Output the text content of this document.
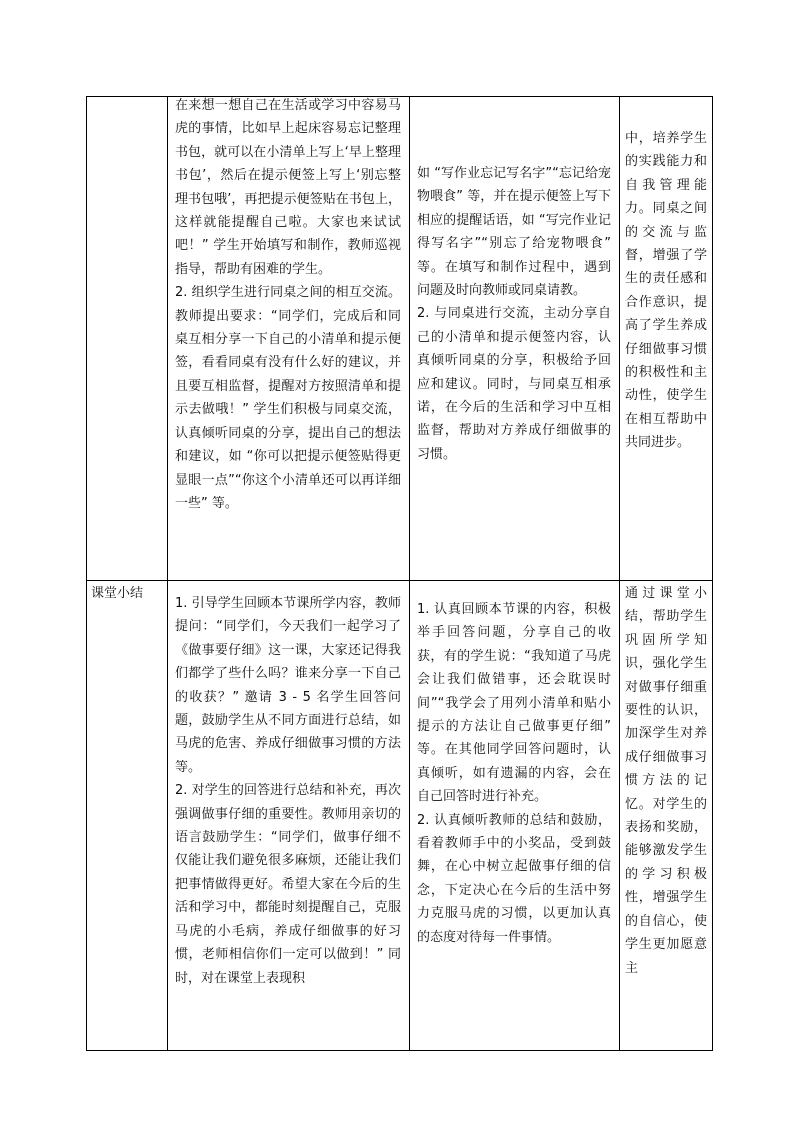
在来想一想自己在生活或学习中容易马虎的事情，比如早上起床容易忘记整理书包，就可以在小清单上写上‘早上整理书包’，然后在提示便签上写上‘别忘整理书包哦’，再把提示便签贴在书包上，这样就能提醒自己啦。大家也来试试吧！” 学生开始填写和制作，教师巡视指导，帮助有困难的学生。
2. 组织学生进行同桌之间的相互交流。教师提出要求：“同学们，完成后和同桌互相分享一下自己的小清单和提示便签，看看同桌有没有什么好的建议，并且要互相监督，提醒对方按照清单和提示去做哦！” 学生们积极与同桌交流，认真倾听同桌的分享，提出自己的想法和建议，如 “你可以把提示便签贴得更显眼一点”“你这个小清单还可以再详细一些” 等。
如 “写作业忘记写名字”“忘记给宠物喂食” 等，并在提示便签上写下相应的提醒话语，如 “写完作业记得写名字”“别忘了给宠物喂食” 等。在填写和制作过程中，遇到问题及时向教师或同桌请教。
2. 与同桌进行交流，主动分享自己的小清单和提示便签内容，认真倾听同桌的分享，积极给予回应和建议。同时，与同桌互相承诺，在今后的生活和学习中互相监督，帮助对方养成仔细做事的习惯。
中，培养学生的实践能力和自我管理能力。同桌之间的交流与监督，增强了学生的责任感和合作意识，提高了学生养成仔细做事习惯的积极性和主动性，使学生在相互帮助中共同进步。
课堂小结
1. 引导学生回顾本节课所学内容，教师提问：“同学们，今天我们一起学习了《做事要仔细》这一课，大家还记得我们都学了些什么吗？谁来分享一下自己的收获？” 邀请 3 - 5 名学生回答问题，鼓励学生从不同方面进行总结，如马虎的危害、养成仔细做事习惯的方法等。
2. 对学生的回答进行总结和补充，再次强调做事仔细的重要性。教师用亲切的语言鼓励学生：“同学们，做事仔细不仅能让我们避免很多麻烦，还能让我们把事情做得更好。希望大家在今后的生活和学习中，都能时刻提醒自己，克服马虎的小毛病，养成仔细做事的好习惯，老师相信你们一定可以做到！” 同时，对在课堂上表现积
1. 认真回顾本节课的内容，积极举手回答问题，分享自己的收获，有的学生说：“我知道了马虎会让我们做错事，还会耽误时间”“我学会了用列小清单和贴小提示的方法让自己做事更仔细” 等。在其他同学回答问题时，认真倾听，如有遗漏的内容，会在自己回答时进行补充。
2. 认真倾听教师的总结和鼓励，看着教师手中的小奖品，受到鼓舞，在心中树立起做事仔细的信念，下定决心在今后的生活中努力克服马虎的习惯，以更加认真的态度对待每一件事情。
通过课堂小结，帮助学生巩固所学知识，强化学生对做事仔细重要性的认识，加深学生对养成仔细做事习惯方法的记忆。对学生的表扬和奖励，能够激发学生的学习积极性，增强学生的自信心，使学生更加愿意主
